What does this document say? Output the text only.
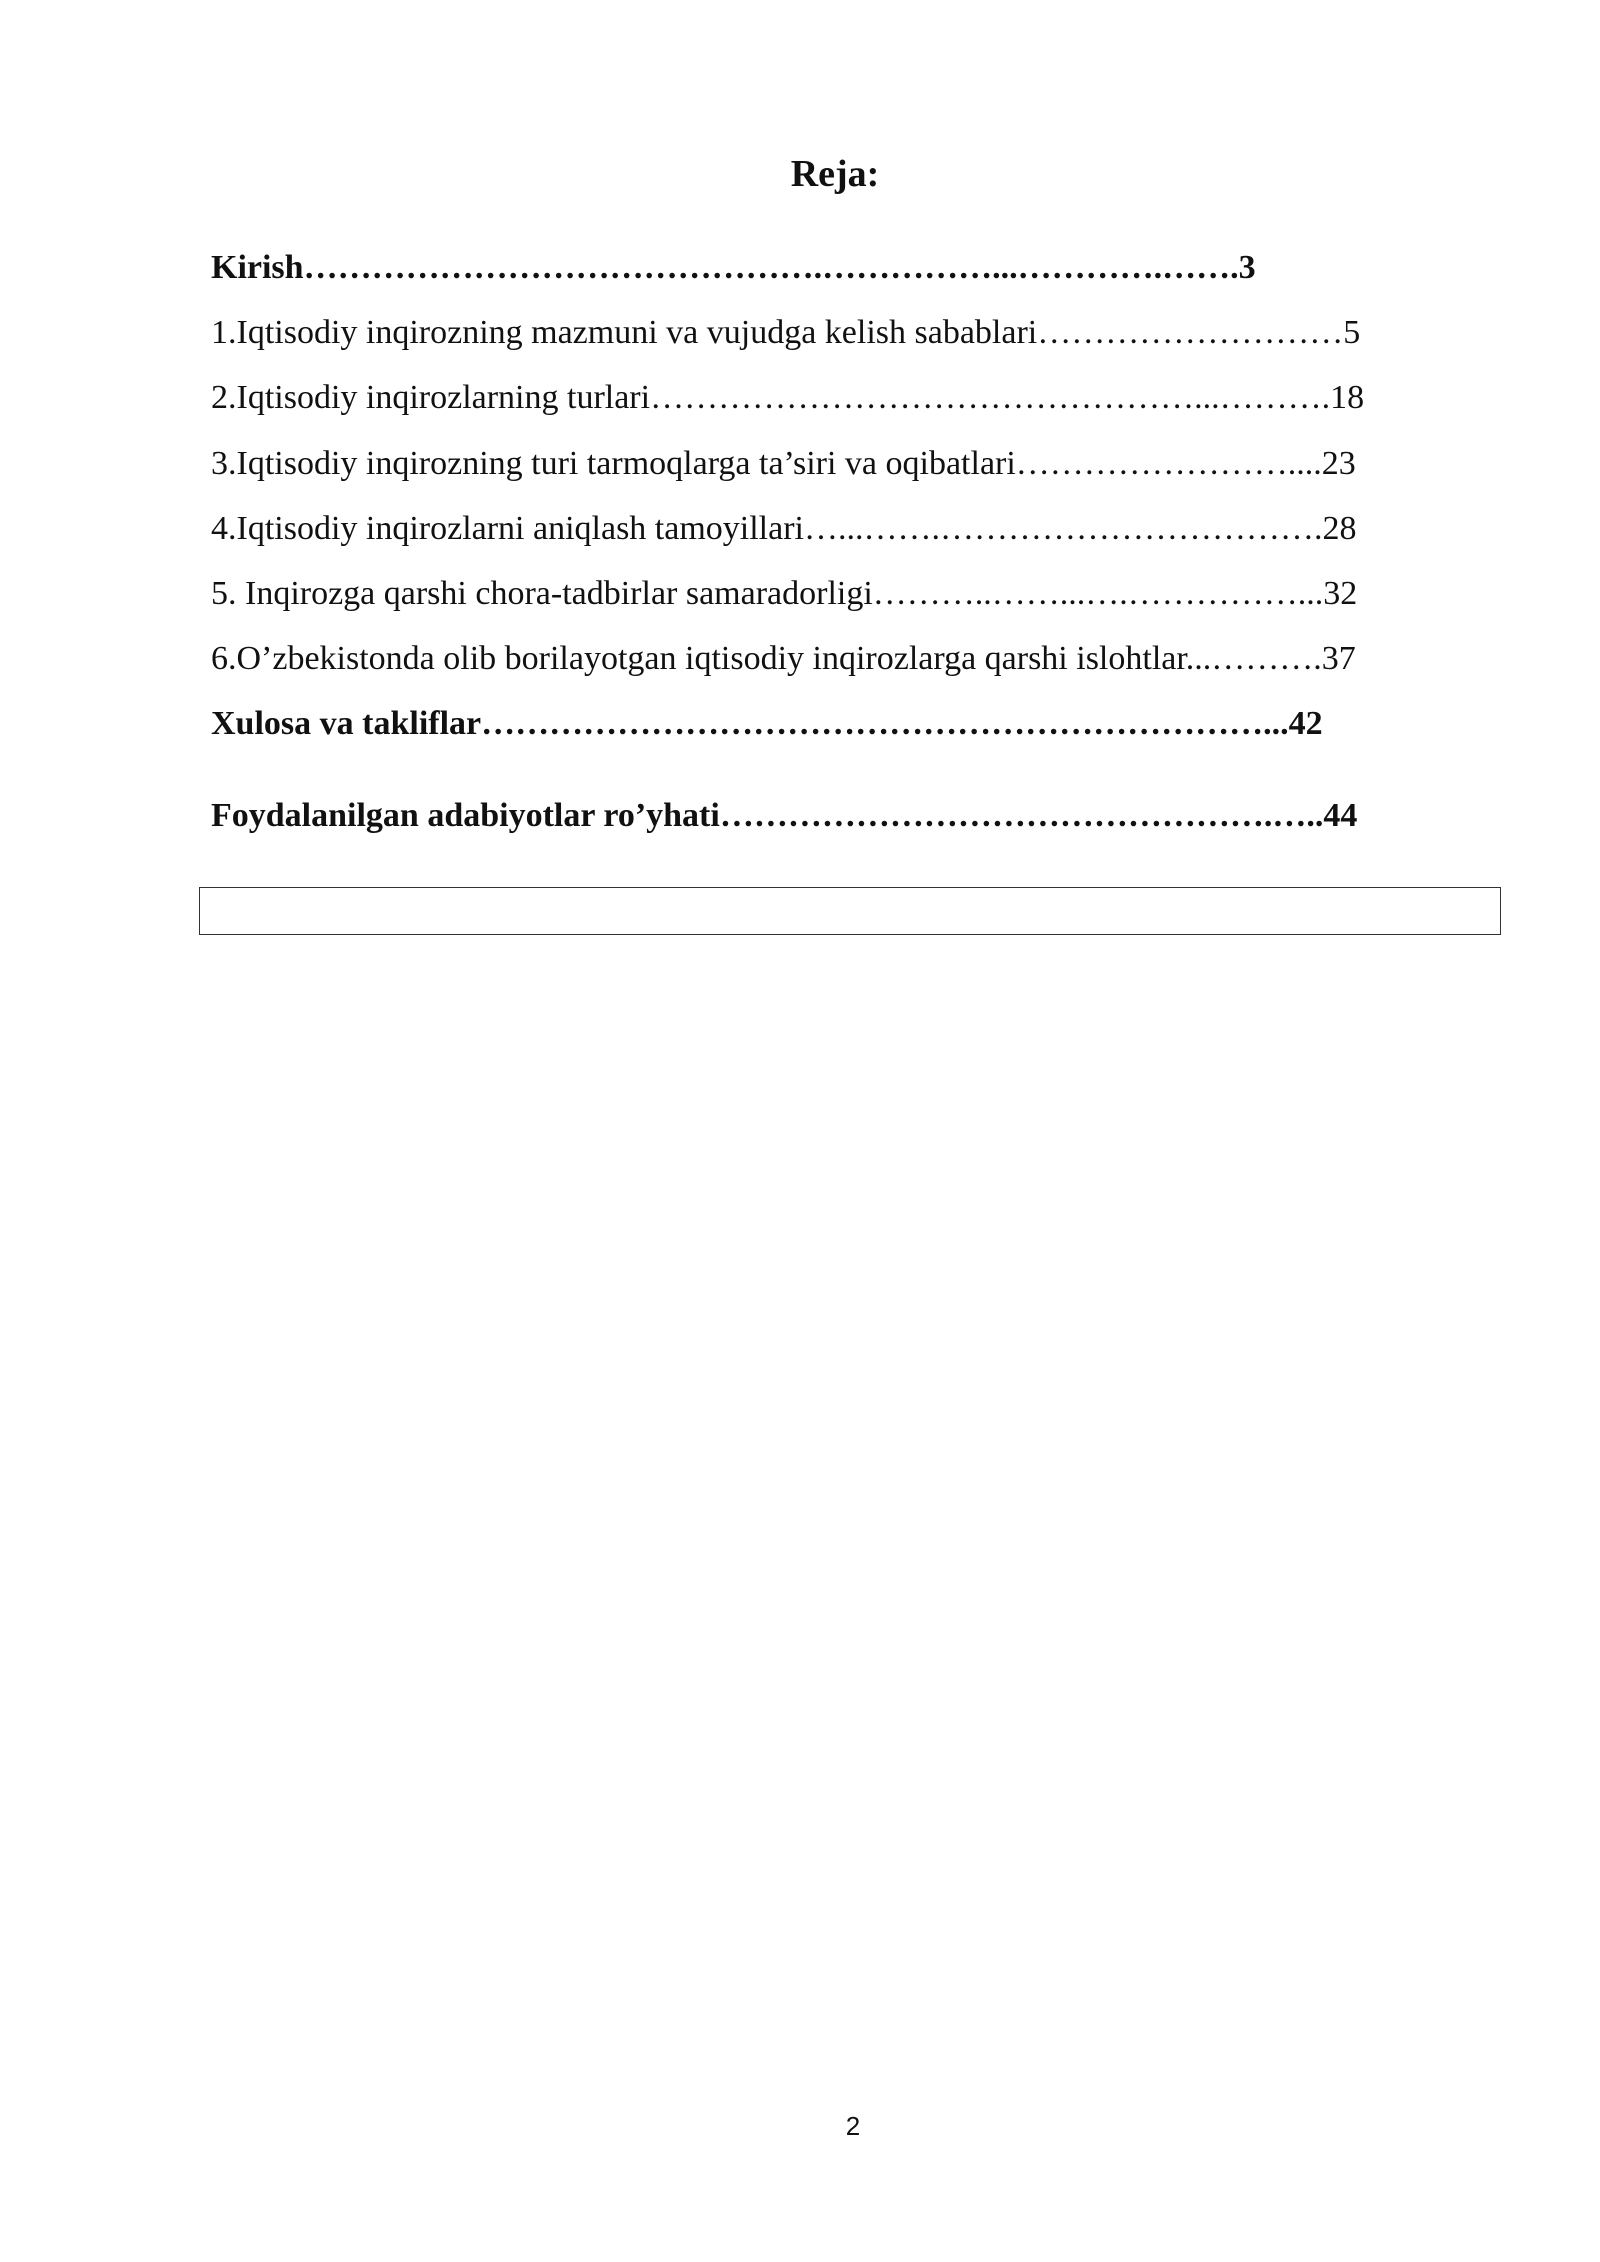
Reja:
Kirish……………………………………….……………...………….…….3
1.Iqtisodiy inqirozning mazmuni va vujudga kelish sabablari………………………5
2.Iqtisodiy inqirozlarning turlari…………………………………………...……….18
3.Iqtisodiy inqirozning turi tarmoqlarga ta’siri va oqibatlari……………………....23
4.Iqtisodiy inqirozlarni aniqlash tamoyillari…...…….…………………………….28
5. Inqirozga qarshi chora-tadbirlar samaradorligi………..……...….……………...32
6.O’zbekistonda olib borilayotgan iqtisodiy inqirozlarga qarshi islohtlar...……….37
Xulosa va takliflar……………………………………………………………...42
Foydalanilgan adabiyotlar ro’yhati………………………………………….…..44
2
